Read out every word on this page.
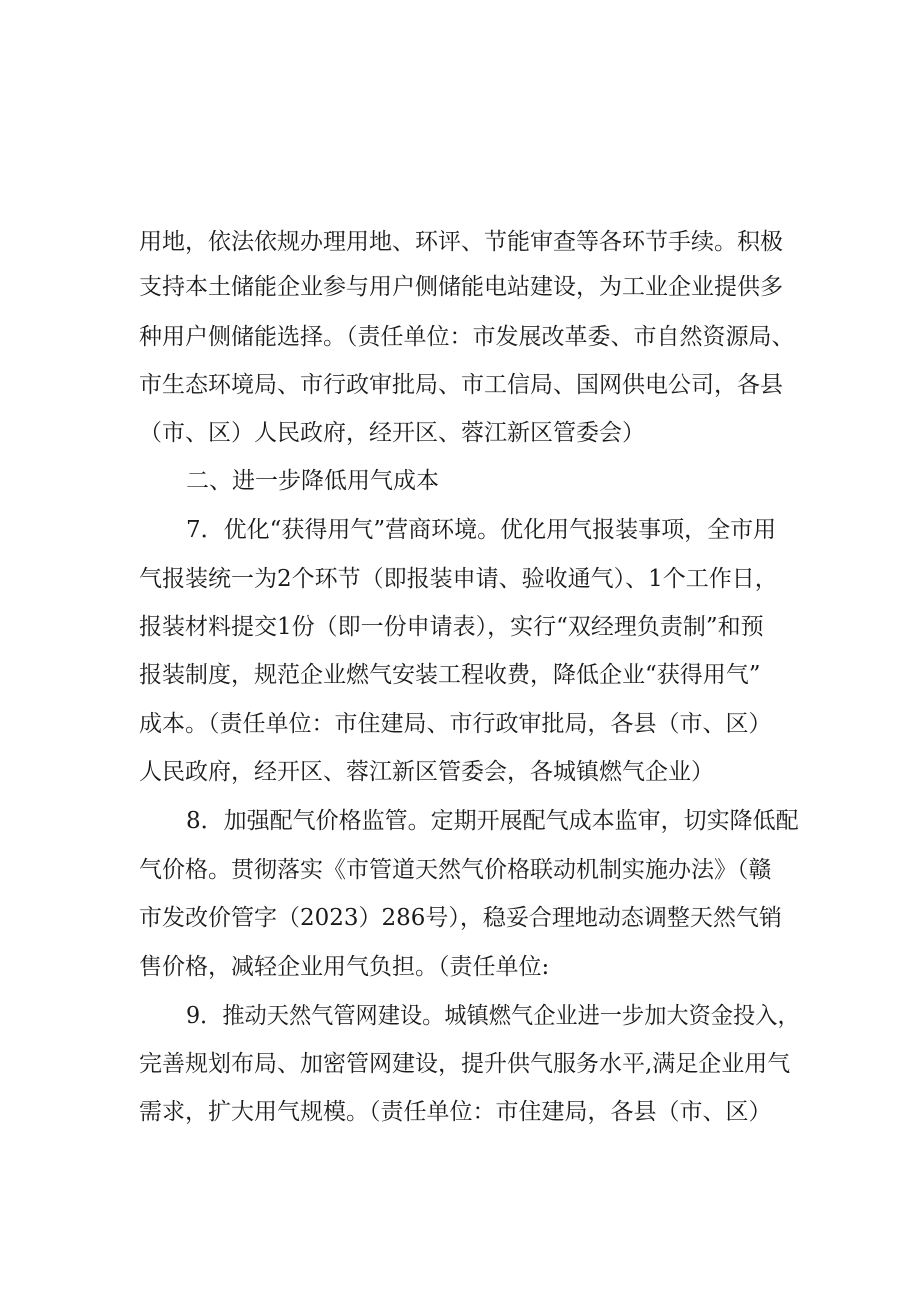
用地，依法依规办理用地、环评、节能审查等各环节手续。积极
支持本土储能企业参与用户侧储能电站建设，为工业企业提供多
种用户侧储能选择。（责任单位：市发展改革委、市自然资源局、
市生态环境局、市行政审批局、市工信局、国网供电公司，各县
（市、区）人民政府，经开区、蓉江新区管委会）
二、进一步降低用气成本
7．优化“获得用气”营商环境。优化用气报装事项，全市用
气报装统一为2个环节（即报装申请、验收通气）、1个工作日，
报装材料提交1份（即一份申请表），实行“双经理负责制”和预
报装制度，规范企业燃气安装工程收费，降低企业“获得用气”
成本。（责任单位：市住建局、市行政审批局，各县（市、区）
人民政府，经开区、蓉江新区管委会，各城镇燃气企业）
8．加强配气价格监管。定期开展配气成本监审，切实降低配
气价格。贯彻落实《市管道天然气价格联动机制实施办法》（赣
市发改价管字（2023）286号），稳妥合理地动态调整天然气销
售价格，减轻企业用气负担。（责任单位:
9．推动天然气管网建设。城镇燃气企业进一步加大资金投入，
完善规划布局、加密管网建设，提升供气服务水平,满足企业用气
需求，扩大用气规模。（责任单位：市住建局，各县（市、区）
